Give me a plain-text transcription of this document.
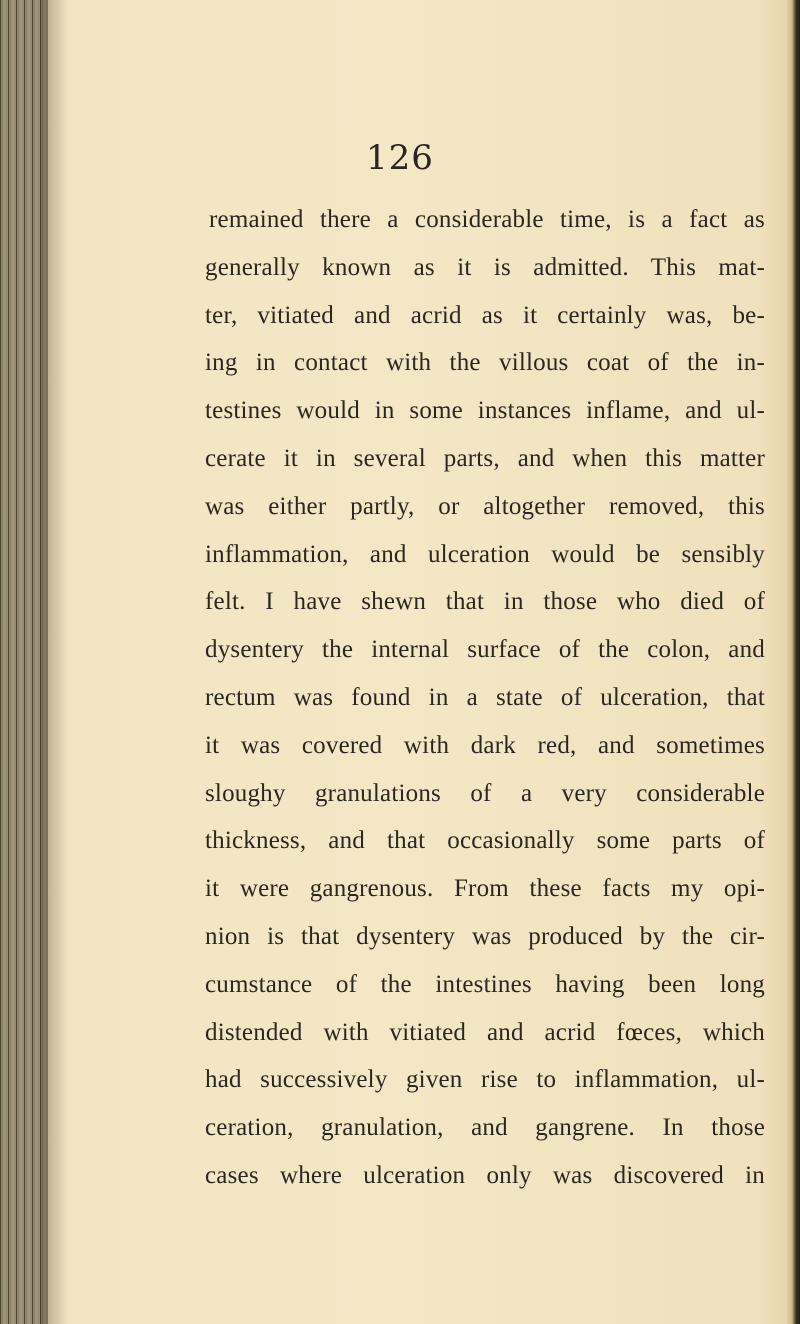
126
remained there a considerable time, is a fact as
generally known as it is admitted. This mat-
ter, vitiated and acrid as it certainly was, be-
ing in contact with the villous coat of the in-
testines would in some instances inflame, and ul-
cerate it in several parts, and when this matter
was either partly, or altogether removed, this
inflammation, and ulceration would be sensibly
felt. I have shewn that in those who died of
dysentery the internal surface of the colon, and
rectum was found in a state of ulceration, that
it was covered with dark red, and sometimes
sloughy granulations of a very considerable
thickness, and that occasionally some parts of
it were gangrenous. From these facts my opi-
nion is that dysentery was produced by the cir-
cumstance of the intestines having been long
distended with vitiated and acrid fœces, which
had successively given rise to inflammation, ul-
ceration, granulation, and gangrene. In those
cases where ulceration only was discovered in
